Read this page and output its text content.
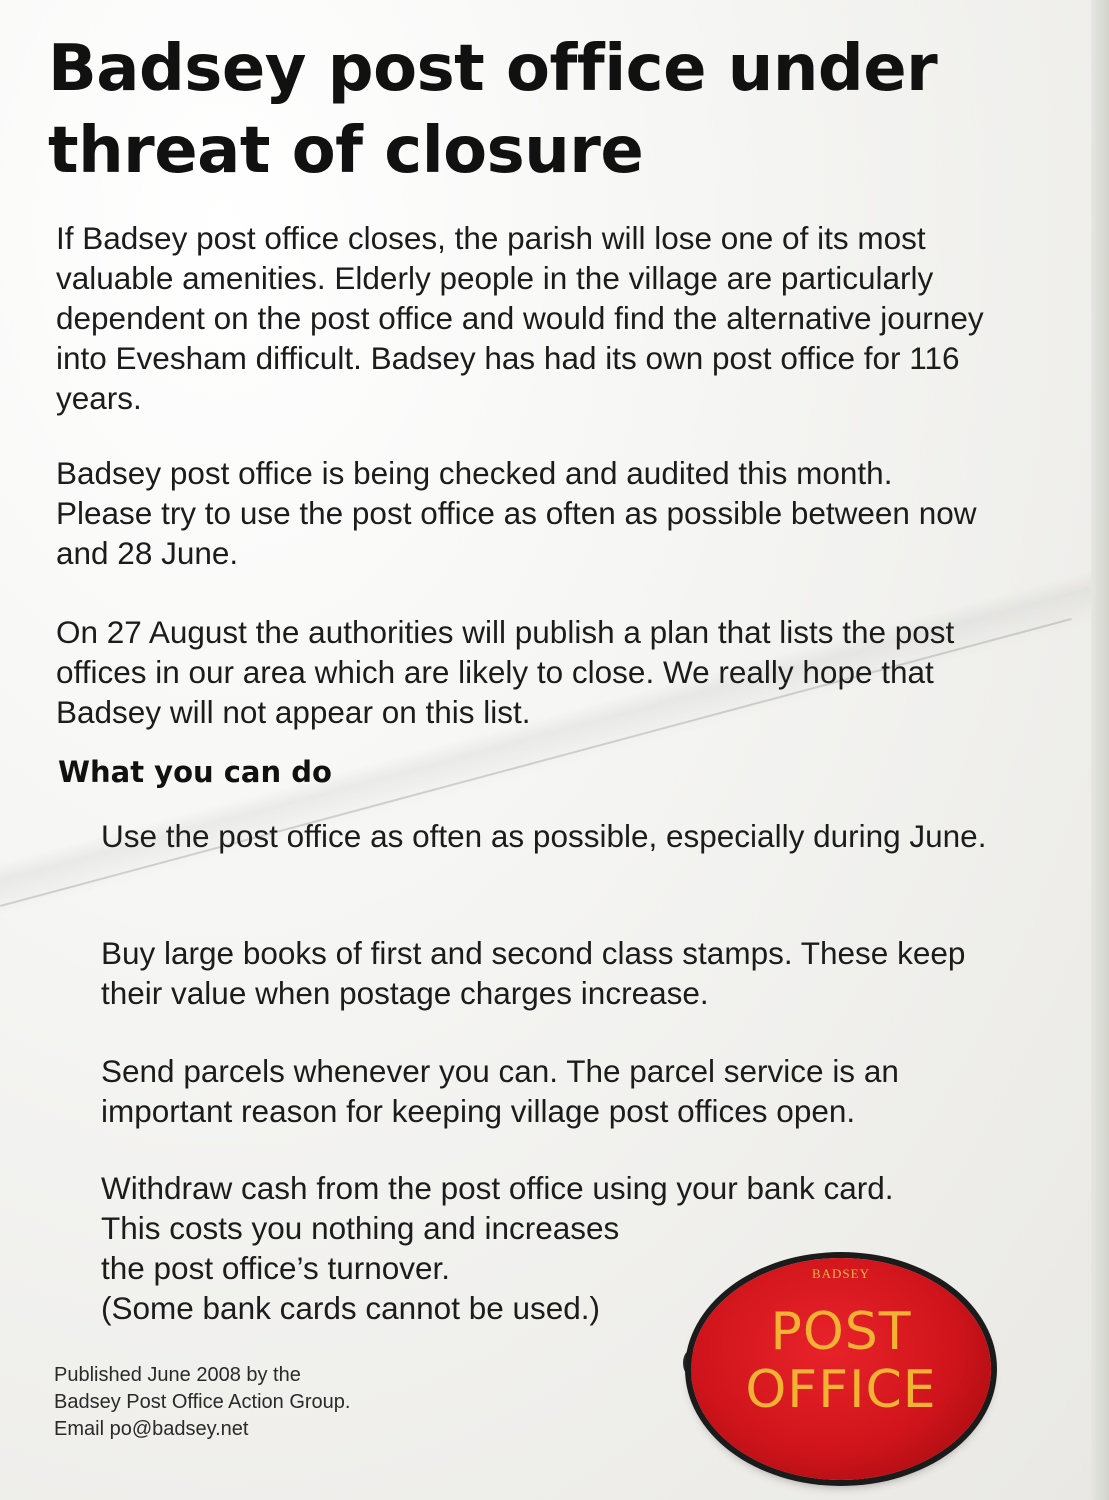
Badsey post office under threat of closure

If Badsey post office closes, the parish will lose one of its most valuable amenities. Elderly people in the village are particularly dependent on the post office and would find the alternative journey into Evesham difficult. Badsey has had its own post office for 116 years.

Badsey post office is being checked and audited this month. Please try to use the post office as often as possible between now and 28 June.

On 27 August the authorities will publish a plan that lists the post offices in our area which are likely to close. We really hope that Badsey will not appear on this list.

What you can do

Use the post office as often as possible, especially during June.

Buy large books of first and second class stamps. These keep their value when postage charges increase.

Send parcels whenever you can. The parcel service is an important reason for keeping village post offices open.

Withdraw cash from the post office using your bank card.
This costs you nothing and increases
the post office’s turnover.
(Some bank cards cannot be used.)

Published June 2008 by the
Badsey Post Office Action Group.
Email po@badsey.net

BADSEY
POST
OFFICE
